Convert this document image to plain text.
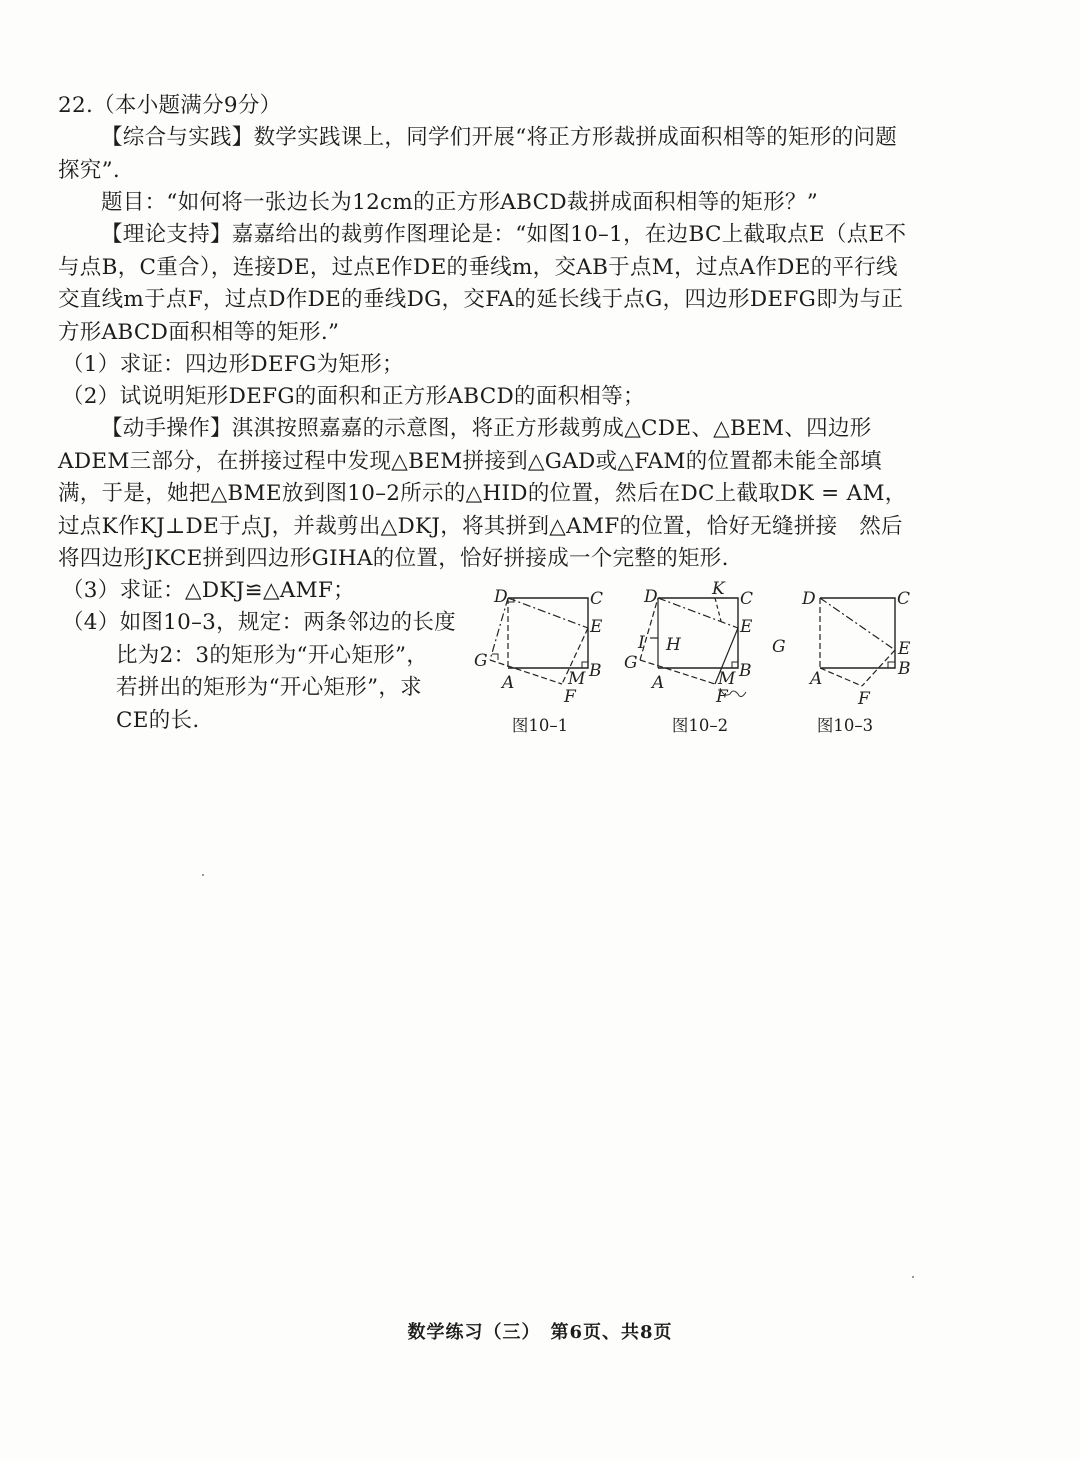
22.（本小题满分9分）

【综合与实践】数学实践课上，同学们开展“将正方形裁拼成面积相等的矩形的问题探究”.

题目：“如何将一张边长为12cm的正方形ABCD裁拼成面积相等的矩形？”

【理论支持】嘉嘉给出的裁剪作图理论是：“如图10–1，在边BC上截取点E（点E不与点B，C重合），连接DE，过点E作DE的垂线m，交AB于点M，过点A作DE的平行线交直线m于点F，过点D作DE的垂线DG，交FA的延长线于点G，四边形DEFG即为与正方形ABCD面积相等的矩形.”

（1）求证：四边形DEFG为矩形；

（2）试说明矩形DEFG的面积和正方形ABCD的面积相等；

【动手操作】淇淇按照嘉嘉的示意图，将正方形裁剪成△CDE、△BEM、四边形ADEM三部分，在拼接过程中发现△BEM拼接到△GAD或△FAM的位置都未能全部填满，于是，她把△BME放到图10–2所示的△HID的位置，然后在DC上截取DK = AM，过点K作KJ⊥DE于点J，并裁剪出△DKJ，将其拼到△AMF的位置，恰好无缝拼接　然后将四边形JKCE拼到四边形GIHA的位置，恰好拼接成一个完整的矩形.

（3）求证：△DKJ≌△AMF；

（4）如图10–3，规定：两条邻边的长度
比为2：3的矩形为“开心矩形”，
若拼出的矩形为“开心矩形”，求
CE的长.

D	C
E
G
A	M B
F
图10–1
D	K C
E
I H
G
A	M B
F
图10–2
D	C
G	E
B
A
F
图10–3
数学练习（三）　第6页、共8页
